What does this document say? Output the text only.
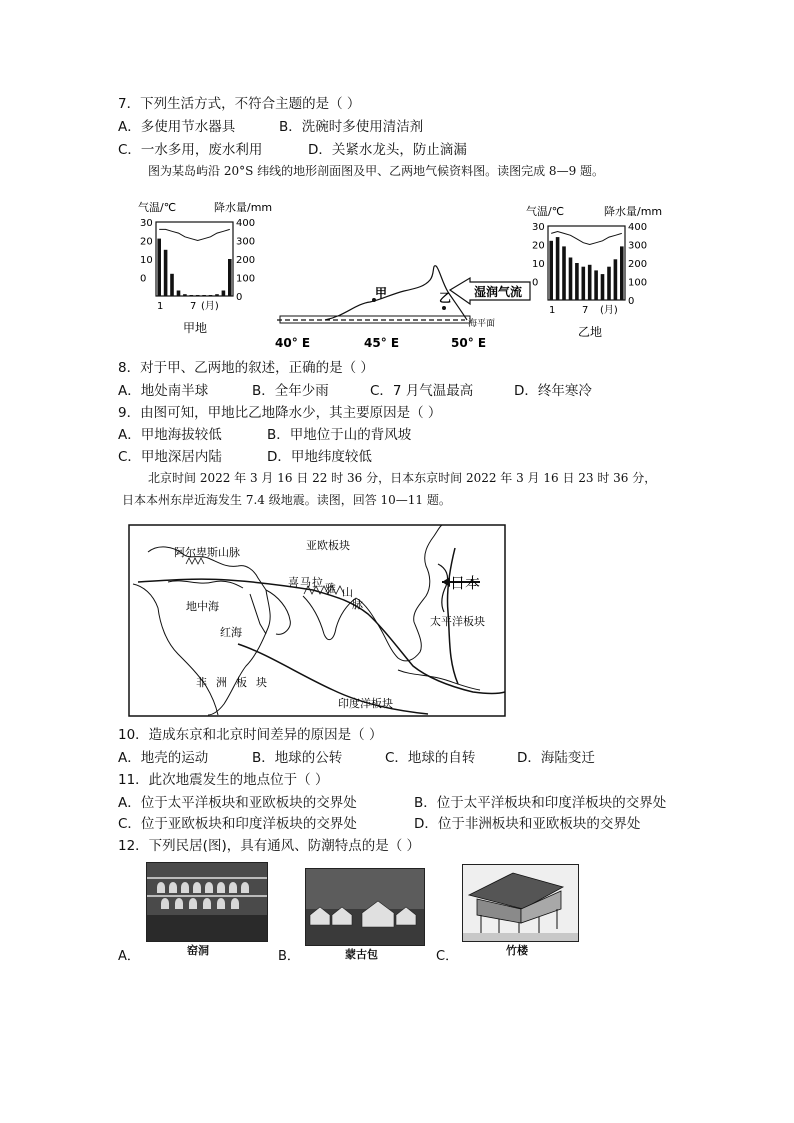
7．下列生活方式，不符合主题的是（ ）
A．多使用节水器具	B．洗碗时多使用清洁剂
C．一水多用，废水利用	D．关紧水龙头，防止滴漏
图为某岛屿沿 20°S 纬线的地形剖面图及甲、乙两地气候资料图。读图完成 8—9 题。
气温/℃	降水量/mm
30
20
10
0
400
300
200
100
0
1	7 (月)
甲地
甲	乙 湿润气流
海平面
40° E	45° E	50° E
气温/℃	降水量/mm
30
20
10
0
400
300
200
100
0
1	7 (月)
乙地
8．对于甲、乙两地的叙述，正确的是（ ）
A．地处南半球	B．全年少雨	C．7 月气温最高	D．终年寒冷
9．由图可知，甲地比乙地降水少，其主要原因是（ ）
A．甲地海拔较低	B．甲地位于山的背风坡
C．甲地深居内陆	D．甲地纬度较低
北京时间 2022 年 3 月 16 日 22 时 36 分，日本东京时间 2022 年 3 月 16 日 23 时 36 分，
日本本州东岸近海发生 7.4 级地震。读图，回答 10—11 题。
阿尔卑斯山脉
亚欧板块
喜 马 拉 雅 山
脉
日本
地中海
红海
太平洋板块
非 洲 板 块
印度洋板块
10．造成东京和北京时间差异的原因是（ ）
A．地壳的运动	B．地球的公转	C．地球的自转	D．海陆变迁
11．此次地震发生的地点位于（ ）
A．位于太平洋板块和亚欧板块的交界处	B．位于太平洋板块和印度洋板块的交界处
C．位于亚欧板块和印度洋板块的交界处	D．位于非洲板块和亚欧板块的交界处
12．下列民居(图)，具有通风、防潮特点的是（ ）
窑洞	蒙古包	竹楼
A．	B．	C．
